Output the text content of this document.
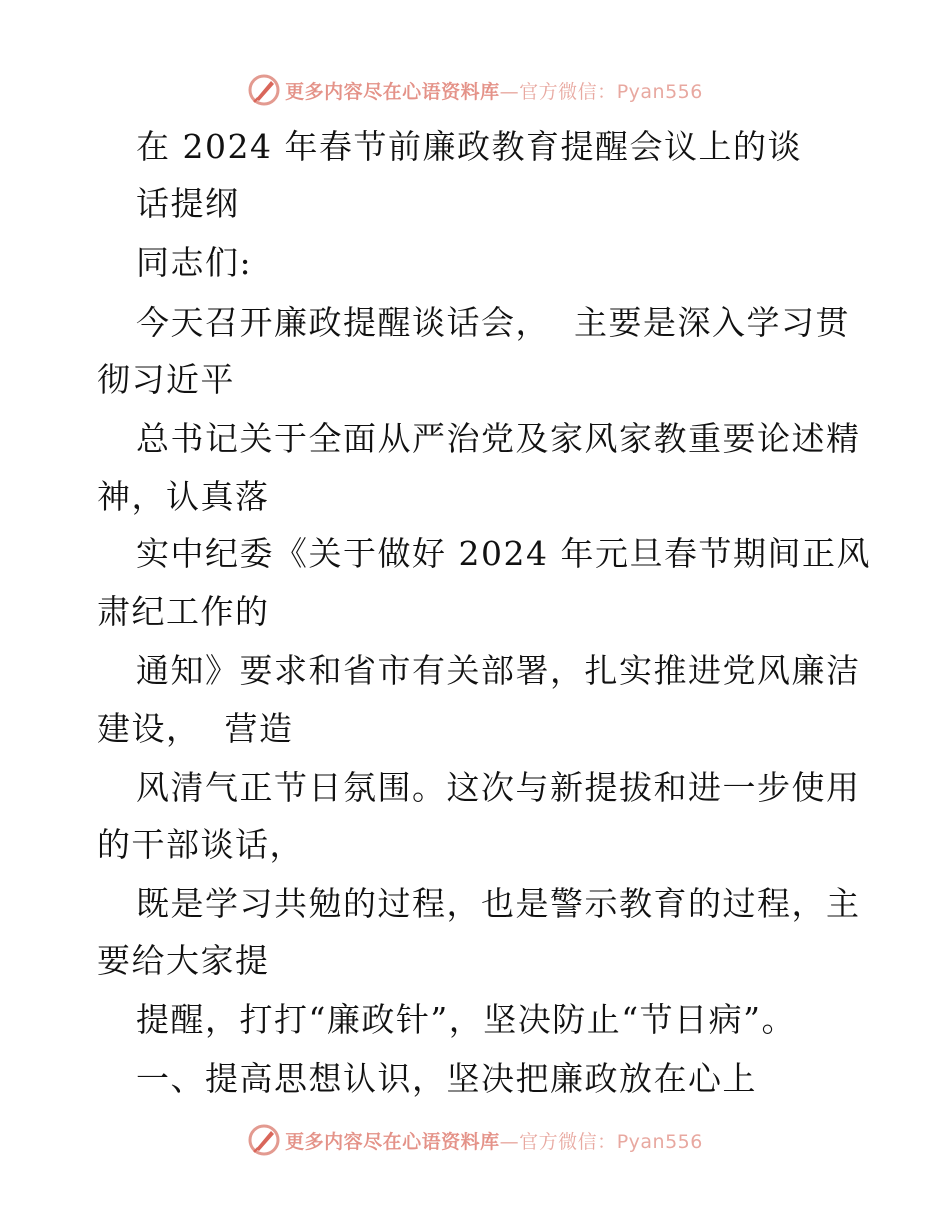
更多内容尽在心语资料库—官方微信：Pyan556
在 2024 年春节前廉政教育提醒会议上的谈
话提纲
同志们:
今天召开廉政提醒谈话会，  主要是深入学习贯
彻习近平
总书记关于全面从严治党及家风家教重要论述精
神，认真落
实中纪委《关于做好 2024 年元旦春节期间正风
肃纪工作的
通知》要求和省市有关部署，扎实推进党风廉洁
建设，  营造
风清气正节日氛围。这次与新提拔和进一步使用
的干部谈话，
既是学习共勉的过程，也是警示教育的过程，主
要给大家提
提醒，打打“廉政针”，坚决防止“节日病”。
一、提高思想认识，坚决把廉政放在心上
更多内容尽在心语资料库—官方微信：Pyan556
